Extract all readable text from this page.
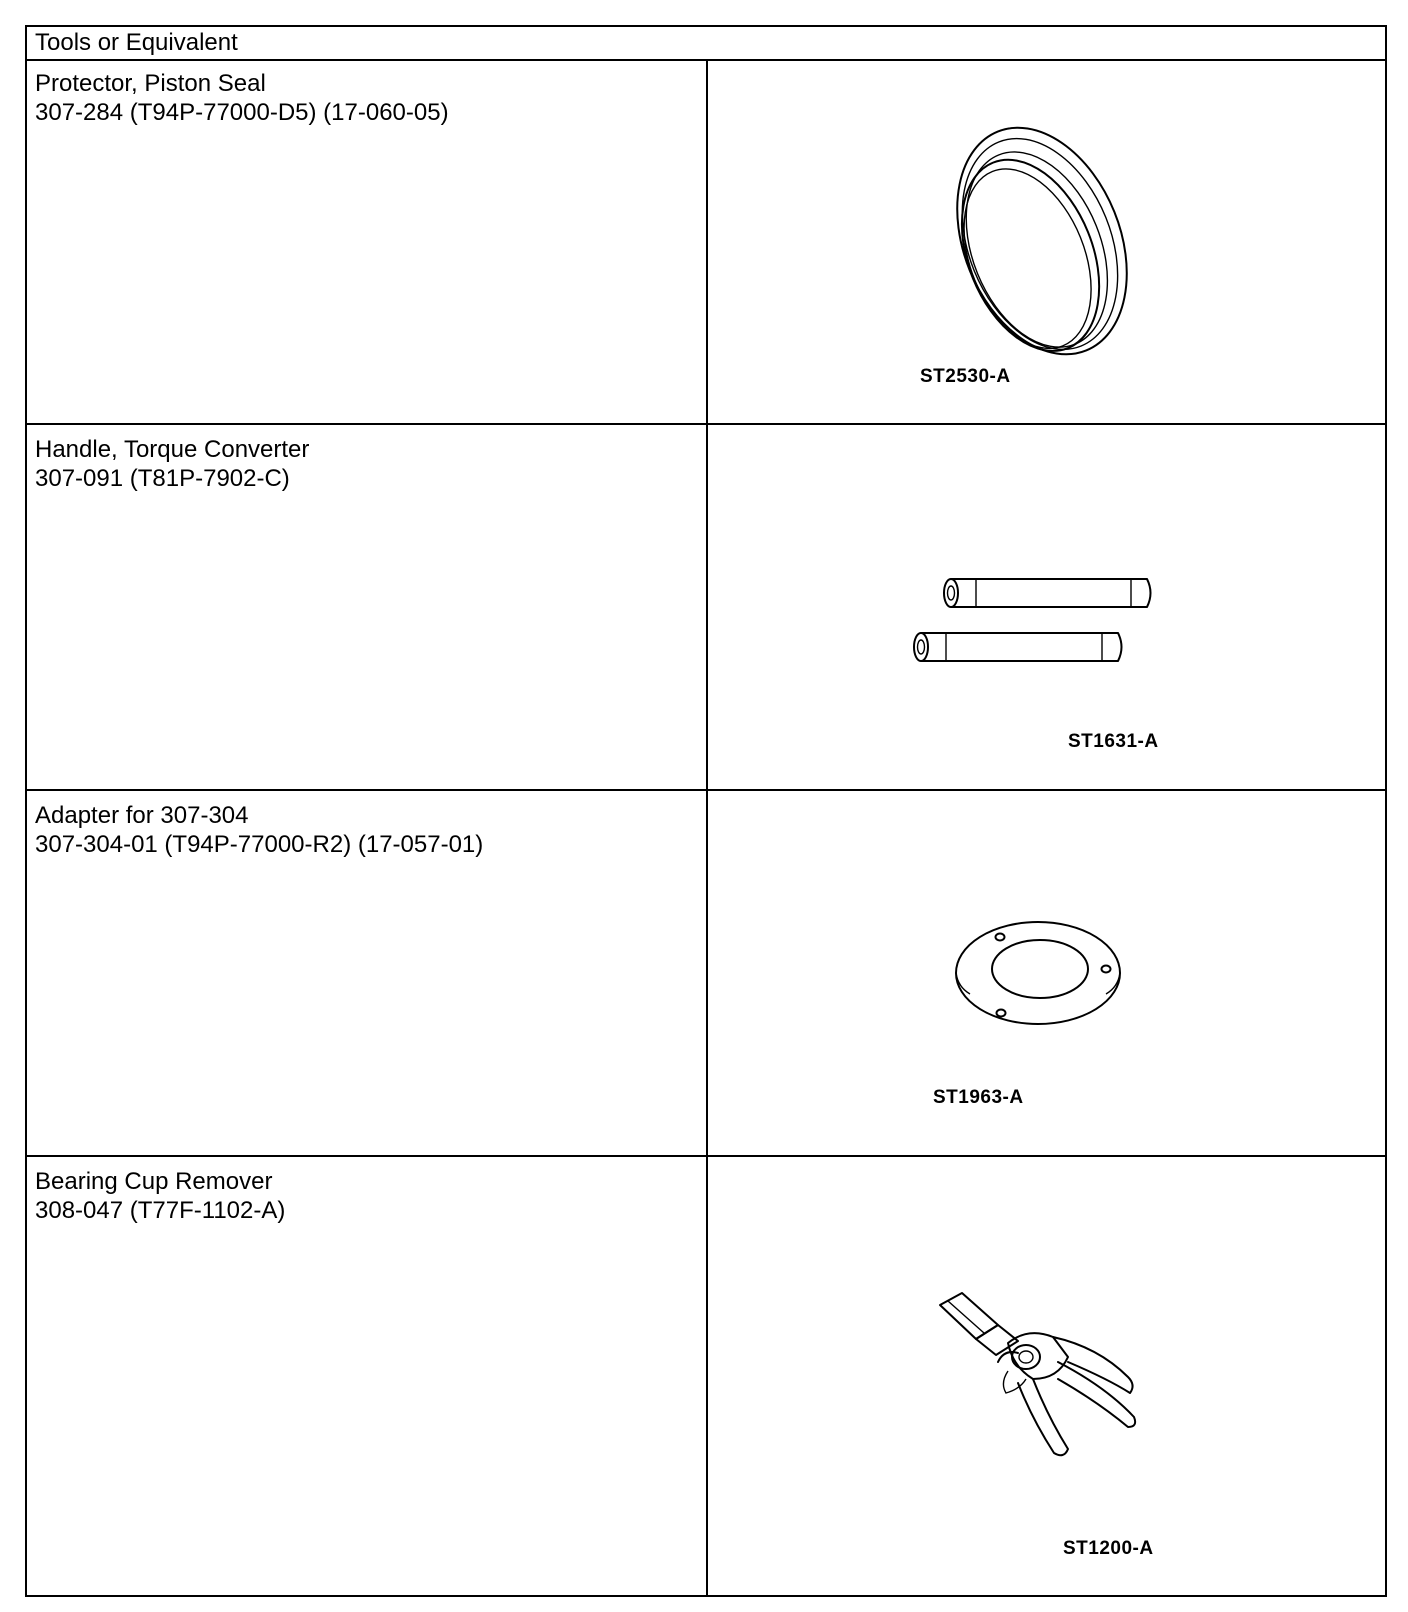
Tools or Equivalent
Protector, Piston Seal
307-284 (T94P-77000-D5) (17-060-05)
ST2530-A
Handle, Torque Converter
307-091 (T81P-7902-C)
ST1631-A
Adapter for 307-304
307-304-01 (T94P-77000-R2) (17-057-01)
ST1963-A
Bearing Cup Remover
308-047 (T77F-1102-A)
ST1200-A
